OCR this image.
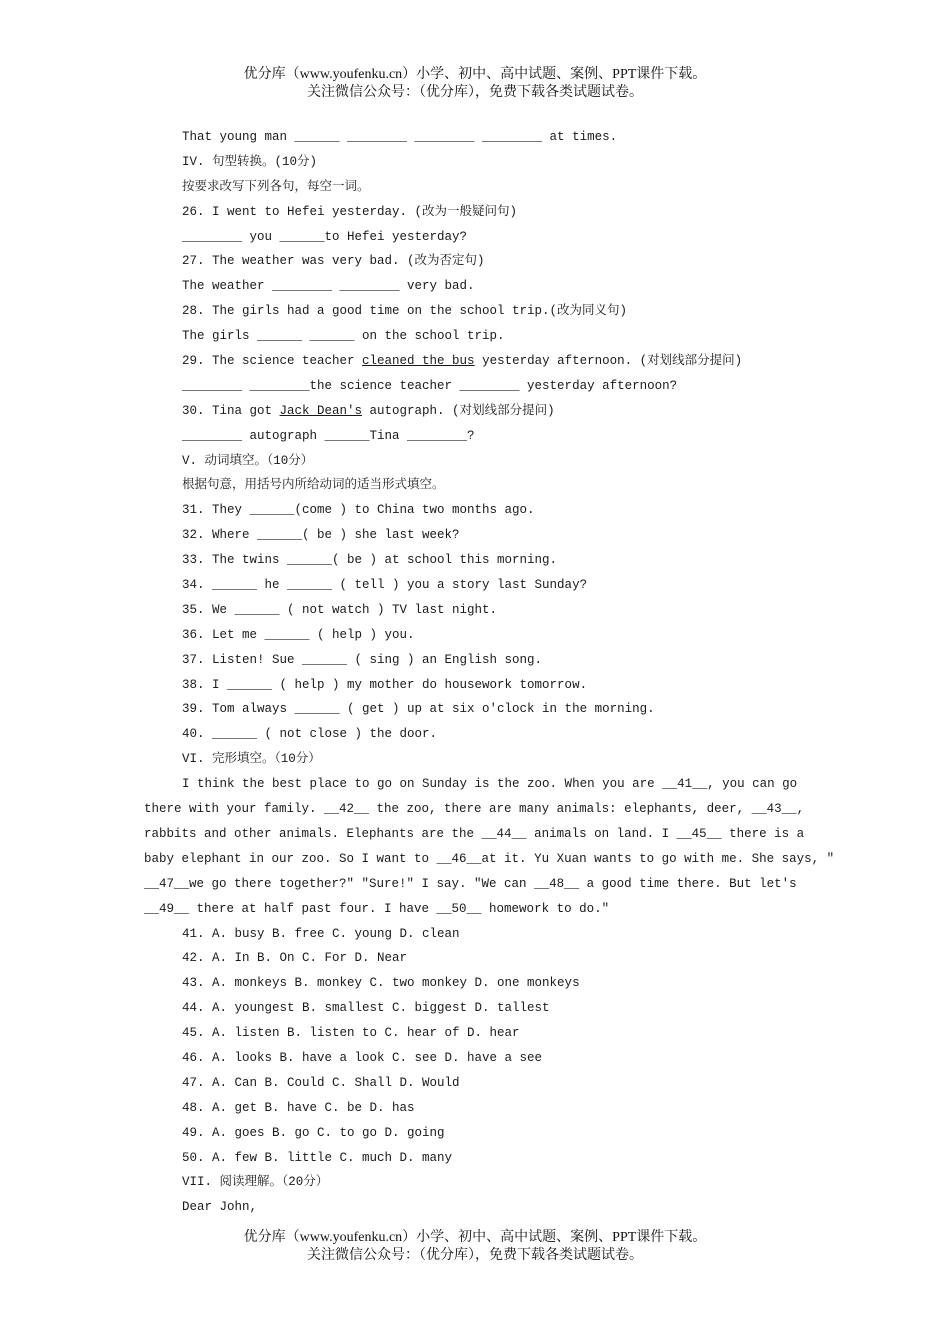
优分库（www.youfenku.cn）小学、初中、高中试题、案例、PPT课件下载。
关注微信公众号：（优分库），免费下载各类试题试卷。
That young man ______ ________ ________ ________ at times.
IV. 句型转换。(10分)
按要求改写下列各句，每空一词。
26. I went to Hefei yesterday. (改为一般疑问句)
________ you ______to Hefei yesterday?
27. The weather was very bad. (改为否定句)
The weather ________ ________ very bad.
28. The girls had a good time on the school trip.(改为同义句)
The girls ______ ______ on the school trip.
29. The science teacher cleaned the bus yesterday afternoon. (对划线部分提问)
________ ________the science teacher ________ yesterday afternoon?
30. Tina got Jack Dean's autograph. (对划线部分提问)
________ autograph ______Tina ________?
V. 动词填空。（10分）
根据句意，用括号内所给动词的适当形式填空。
31. They ______(come ) to China two months ago.
32. Where ______( be ) she last week?
33. The twins ______( be ) at school this morning.
34. ______ he ______ ( tell ) you a story last Sunday?
35. We ______ ( not watch ) TV last night.
36. Let me ______ ( help ) you.
37. Listen! Sue ______ ( sing ) an English song.
38. I ______ ( help ) my mother do housework tomorrow.
39. Tom always ______ ( get ) up at six o'clock in the morning.
40. ______ ( not close ) the door.
VI. 完形填空。（10分）
I think the best place to go on Sunday is the zoo. When you are __41__, you can go
there with your family. __42__ the zoo, there are many animals: elephants, deer, __43__,
rabbits and other animals. Elephants are the __44__ animals on land. I __45__ there is a
baby elephant in our zoo. So I want to __46__at it. Yu Xuan wants to go with me. She says, "
__47__we go there together?" "Sure!" I say. "We can __48__ a good time there. But let's
__49__ there at half past four. I have __50__ homework to do."
41. A. busy B. free C. young D. clean
42. A. In B. On C. For D. Near
43. A. monkeys B. monkey C. two monkey D. one monkeys
44. A. youngest B. smallest C. biggest D. tallest
45. A. listen B. listen to C. hear of D. hear
46. A. looks B. have a look C. see D. have a see
47. A. Can B. Could C. Shall D. Would
48. A. get B. have C. be D. has
49. A. goes B. go C. to go D. going
50. A. few B. little C. much D. many
VII. 阅读理解。（20分）
Dear John,
优分库（www.youfenku.cn）小学、初中、高中试题、案例、PPT课件下载。
关注微信公众号：（优分库），免费下载各类试题试卷。
